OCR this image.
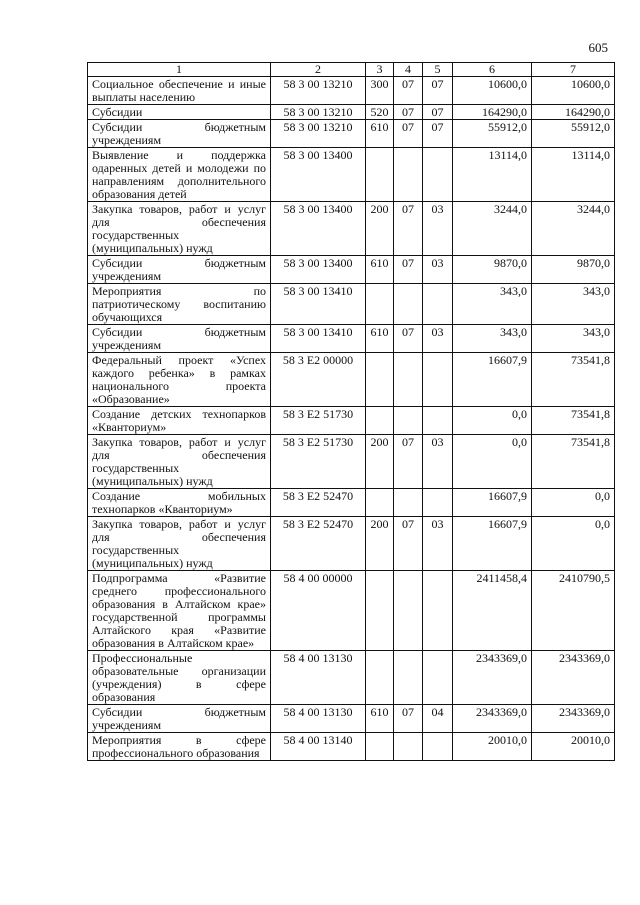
605
1	2	3	4	5	6	7
Социальное обеспечение и иные выплаты населению	58 3 00 13210	300	07	07	10600,0	10600,0
Субсидии	58 3 00 13210	520	07	07	164290,0	164290,0
Субсидии бюджетным учреждениям	58 3 00 13210	610	07	07	55912,0	55912,0
Выявление и поддержка одаренных детей и молодежи по направлениям дополнительного образования детей	58 3 00 13400				13114,0	13114,0
Закупка товаров, работ и услуг для обеспечения государственных (муниципальных) нужд	58 3 00 13400	200	07	03	3244,0	3244,0
Субсидии бюджетным учреждениям	58 3 00 13400	610	07	03	9870,0	9870,0
Мероприятия по патриотическому воспитанию обучающихся	58 3 00 13410				343,0	343,0
Субсидии бюджетным учреждениям	58 3 00 13410	610	07	03	343,0	343,0
Федеральный проект «Успех каждого ребенка» в рамках национального проекта «Образование»	58 3 Е2 00000				16607,9	73541,8
Создание детских технопарков «Кванториум»	58 3 Е2 51730				0,0	73541,8
Закупка товаров, работ и услуг для обеспечения государственных (муниципальных) нужд	58 3 Е2 51730	200	07	03	0,0	73541,8
Создание мобильных технопарков «Кванториум»	58 3 Е2 52470				16607,9	0,0
Закупка товаров, работ и услуг для обеспечения государственных (муниципальных) нужд	58 3 Е2 52470	200	07	03	16607,9	0,0
Подпрограмма «Развитие среднего профессионального образования в Алтайском крае» государственной программы Алтайского края «Развитие образования в Алтайском крае»	58 4 00 00000				2411458,4	2410790,5
Профессиональные образовательные организации (учреждения) в сфере образования	58 4 00 13130				2343369,0	2343369,0
Субсидии бюджетным учреждениям	58 4 00 13130	610	07	04	2343369,0	2343369,0
Мероприятия в сфере профессионального образования	58 4 00 13140				20010,0	20010,0
